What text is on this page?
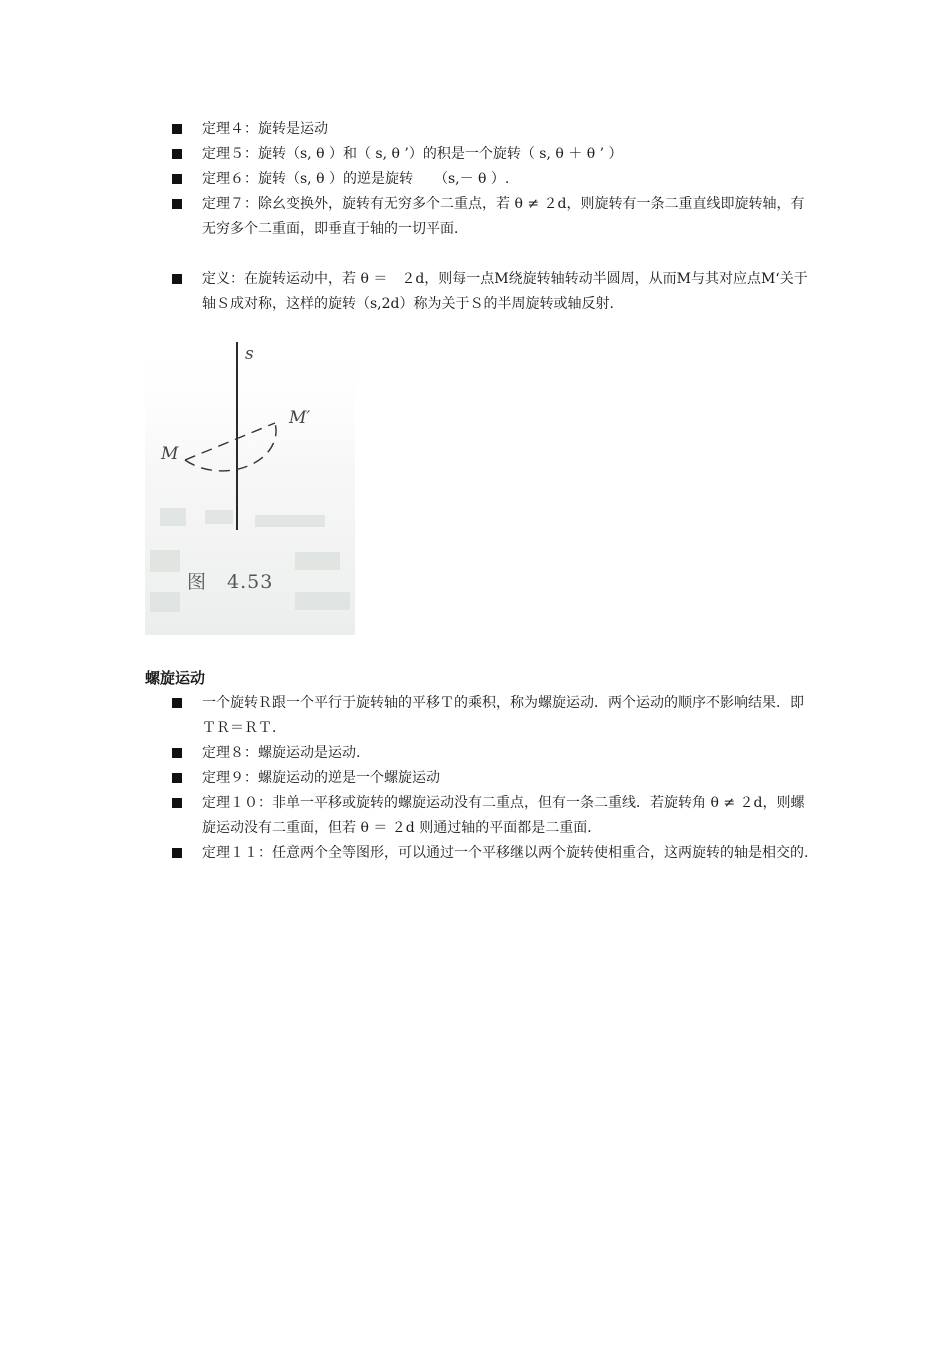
定理４：旋转是运动
定理５：旋转（s, θ ）和（ s, θ ’）的积是一个旋转（ s, θ ＋ θ ’ ）
定理６：旋转（s, θ ）的逆是旋转　　（s,－ θ ）.
定理７：除幺变换外，旋转有无穷多个二重点，若 θ ≠ ２d，则旋转有一条二重直线即旋转轴，有无穷多个二重面，即垂直于轴的一切平面．
定义：在旋转运动中，若 θ ＝　２d，则每一点M绕旋转轴转动半圆周，从而M与其对应点M‘关于轴Ｓ成对称，这样的旋转（s,2d）称为关于Ｓ的半周旋转或轴反射.
s
M
M′
图　4.53
螺旋运动
一个旋转Ｒ跟一个平行于旋转轴的平移Ｔ的乘积，称为螺旋运动．两个运动的顺序不影响结果．即ＴＲ＝ＲＴ．
定理８：螺旋运动是运动.
定理９：螺旋运动的逆是一个螺旋运动
定理１０：非单一平移或旋转的螺旋运动没有二重点，但有一条二重线．若旋转角 θ ≠ ２d，则螺旋运动没有二重面，但若 θ ＝ ２d 则通过轴的平面都是二重面．
定理１１：任意两个全等图形，可以通过一个平移继以两个旋转使相重合，这两旋转的轴是相交的.
